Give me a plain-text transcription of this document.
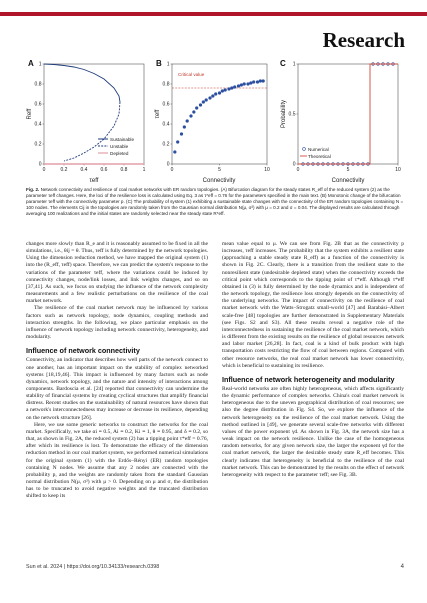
Research
A
0	0.2	0.4	0.6	0.8	1
0
0.2
0.4
0.6
0.8
1
Sustainable
Unstable
Depleted
τeff
Reff
B
0	5	10
0
0.2
0.4
0.6
0.8
1
Critical value
Connectivity
τeff
C
0	5	10
0
0.5
1
Numerical
Theoretical
Connectivity
Probability
Fig. 2. Network connectivity and resilience of coal market networks with ER random topologies. (A) Bifurcation diagram for the steady states R_eff of the reduced system (2) as the parameter τeff changes. Here, the loci of the resilience loss is calculated using Eq. 3 as τ*eff = 0.76 for the parameters specified in the main text. (B) Monotonic change of the bifurcation parameter τeff with the connectivity parameter p. (C) The probability of system (1) exhibiting a sustainable state changes with the connectivity of the ER random topologies containing N = 100 nodes. The elements Cij in the topologies are randomly taken from the Gaussian normal distribution N(μ, σ²) with μ = 0.2 and σ = 0.04. The displayed results are calculated through averaging 100 realizations and the initial states are randomly selected near the steady state R*eff.

changes more slowly than R_e and it is reasonably assumed to be fixed in all the simulations, i.e., θij = θ. Thus, τeff is fully determined by the network topologies. Using the dimension reduction method, we have mapped the original system (1) into the (R_eff, τeff) space. Therefore, we can predict the system's response to the variations of the parameter τeff, where the variations could be induced by connectivity changes, node/link losses, and link weights changes, and so on [37,41]. As such, we focus on studying the influence of the network complexity measurements and a few realistic perturbations on the resilience of the coal market network.

The resilience of the coal market network may be influenced by various factors such as network topology, node dynamics, coupling methods and interaction strengths. In the following, we place particular emphasis on the influence of network topology including network connectivity, heterogeneity, and modularity.

Influence of network connectivity

Connectivity, an indicator that describes how well parts of the network connect to one another, has an important impact on the stability of complex networked systems [18,19,46]. This impact is influenced by many factors such as node dynamics, network topology, and the nature and intensity of interactions among components. Bardoscia et al. [24] reported that connectivity can undermine the stability of financial systems by creating cyclical structures that amplify financial distress. Recent studies on the sustainability of natural resources have shown that a network's interconnectedness may increase or decrease its resilience, depending on the network structure [26].

Here, we use some generic networks to construct the networks for the coal market. Specifically, we take αi ≡ 0.5, Ai ≡ 0.2, Ki ≡ 1, θ ≡ 0.95, and δ ≡ 0.2, so that, as shown in Fig. 2A, the reduced system (2) has a tipping point τ*eff = 0.76, after which its resilience is lost. To demonstrate the efficacy of the dimension reduction method in our coal market system, we performed numerical simulations for the original system (1) with the Erdős–Rényi (ER) random topologies containing N nodes. We assume that any 2 nodes are connected with the probability p, and the weights are randomly taken from the standard Gaussian normal distribution N(μ, σ²) with μ > 0. Depending on μ and σ, the distribution has to be truncated to avoid negative weights and the truncated distribution shifted to keep its

mean value equal to μ. We can see from Fig. 2B that as the connectivity p increases, τeff increases. The probability that the system exhibits a resilient state (approaching a stable steady state R_eff) as a function of the connectivity is shown in Fig. 2C. Clearly, there is a transition from the resilient state to the nonresilient state (undesirable depleted state) when the connectivity exceeds the critical point which corresponds to the tipping point of τ*eff. Although τ*eff obtained in (3) is fully determined by the node dynamics and is independent of the network topology, the resilience loss strongly depends on the connectivity of the underlying networks. The impact of connectivity on the resilience of coal market network with the Watts–Strogatz small-world [47] and Barabási–Albert scale-free [48] topologies are further demonstrated in Supplementary Materials (see Figs. S2 and S3). All these results reveal a negative role of the interconnectedness in sustaining the resilience of the coal market network, which is different from the existing results on the resilience of global resources network and labor market [26,28]. In fact, coal is a kind of bulk product with high transportation costs restricting the flow of coal between regions. Compared with other resource networks, the real coal market network has lower connectivity, which is beneficial to sustaining its resilience.

Influence of network heterogeneity and modularity

Real-world networks are often highly heterogeneous, which affects significantly the dynamic performance of complex networks. China's coal market network is heterogeneous due to the uneven geographical distribution of coal resources; see also the degree distribution in Fig. S4. So, we explore the influence of the network heterogeneity on the resilience of the coal market network. Using the method outlined in [49], we generate several scale-free networks with different values of the power exponent γd. As shown in Fig. 3A, the network size has a weak impact on the network resilience. Unlike the case of the homogeneous random networks, for any given network size, the larger the exponent γd for the coal market network, the larger the desirable steady state R_eff becomes. This clearly indicates that heterogeneity is beneficial to the resilience of the coal market network. This can be demonstrated by the results on the effect of network heterogeneity with respect to the parameter τeff; see Fig. 3B.

Sun et al. 2024 | https://doi.org/10.34133/research.0398	4
